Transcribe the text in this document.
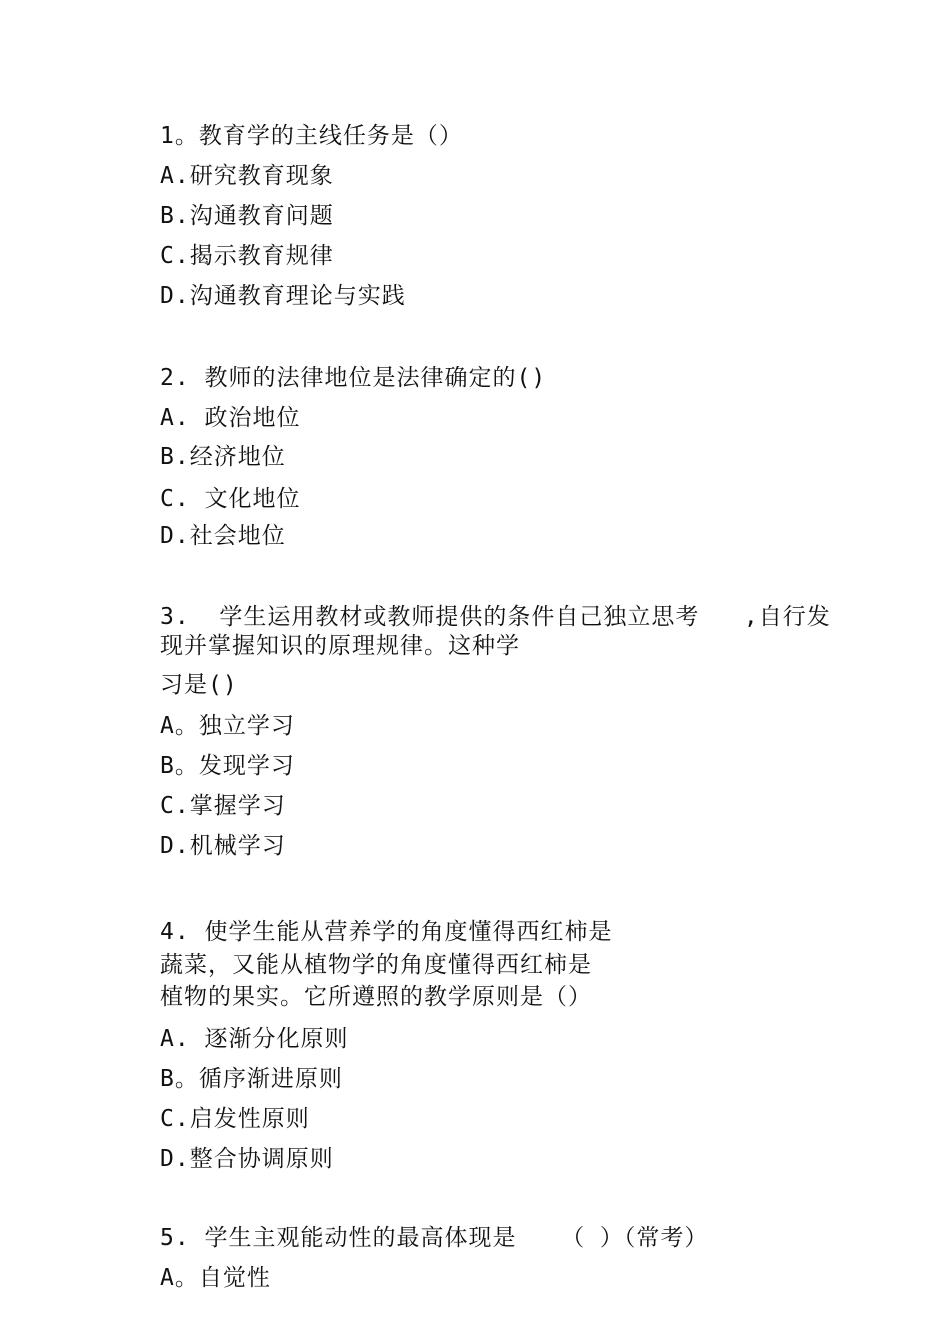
1。教育学的主线任务是（）
A.研究教育现象
B.沟通教育问题
C.揭示教育规律
D.沟通教育理论与实践
2. 教师的法律地位是法律确定的()
A. 政治地位
B.经济地位
C. 文化地位
D.社会地位
3.  学生运用教材或教师提供的条件自己独立思考   ,自行发
现并掌握知识的原理规律。这种学
习是()
A。独立学习
B。发现学习
C.掌握学习
D.机械学习
4. 使学生能从营养学的角度懂得西红柿是
蔬菜，又能从植物学的角度懂得西红柿是
植物的果实。它所遵照的教学原则是（）
A. 逐渐分化原则
B。循序渐进原则
C.启发性原则
D.整合协调原则
5. 学生主观能动性的最高体现是   （ ）（常考）
A。自觉性
